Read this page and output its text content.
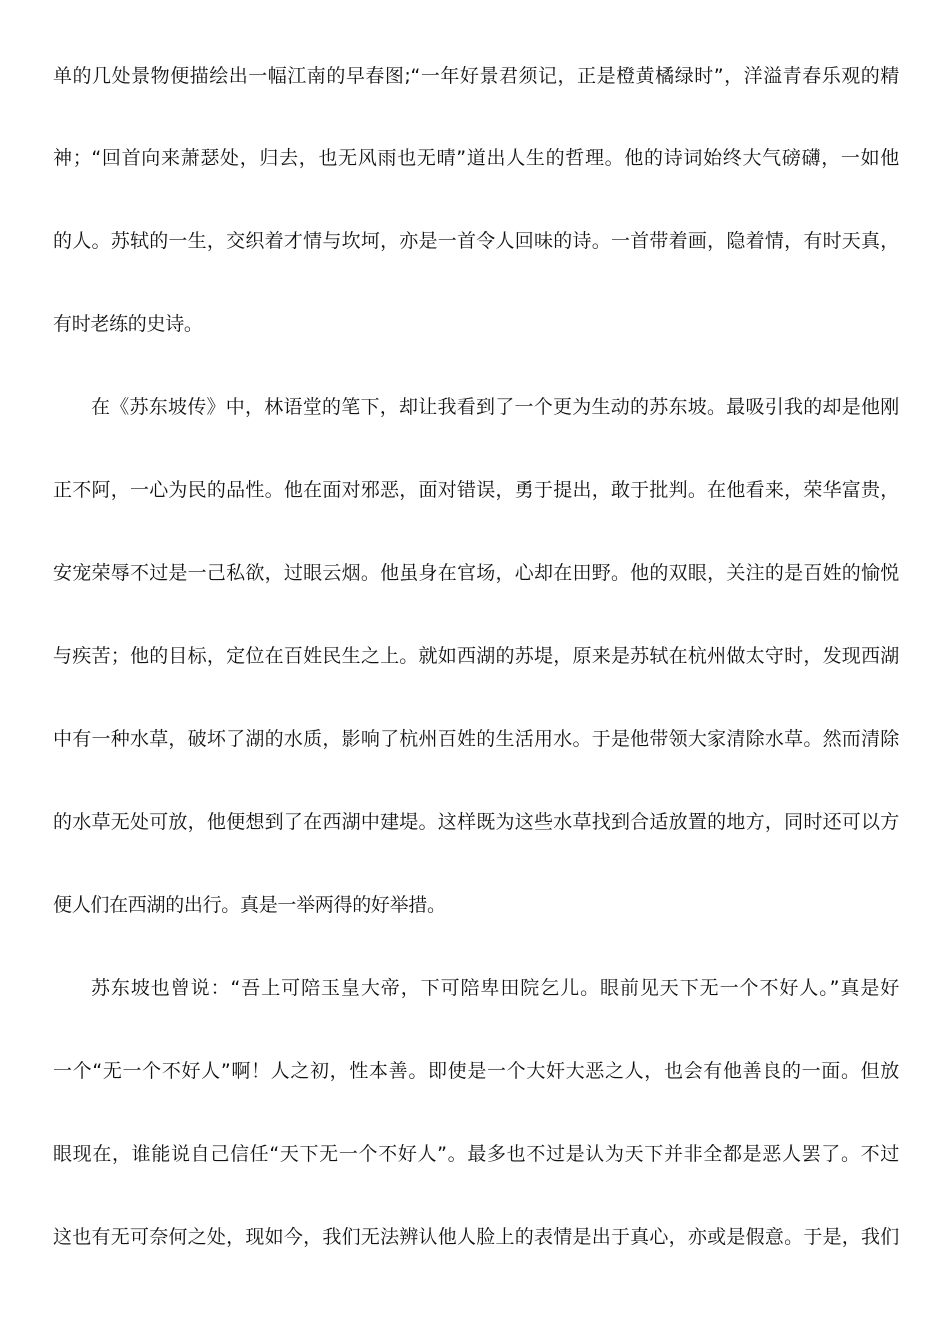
单的几处景物便描绘出一幅江南的早春图;“一年好景君须记，正是橙黄橘绿时”，洋溢青春乐观的精
神；“回首向来萧瑟处，归去，也无风雨也无晴”道出人生的哲理。他的诗词始终大气磅礴，一如他
的人。苏轼的一生，交织着才情与坎坷，亦是一首令人回味的诗。一首带着画，隐着情，有时天真，
有时老练的史诗。
在《苏东坡传》中，林语堂的笔下，却让我看到了一个更为生动的苏东坡。最吸引我的却是他刚
正不阿，一心为民的品性。他在面对邪恶，面对错误，勇于提出，敢于批判。在他看来，荣华富贵，
安宠荣辱不过是一己私欲，过眼云烟。他虽身在官场，心却在田野。他的双眼，关注的是百姓的愉悦
与疾苦；他的目标，定位在百姓民生之上。就如西湖的苏堤，原来是苏轼在杭州做太守时，发现西湖
中有一种水草，破坏了湖的水质，影响了杭州百姓的生活用水。于是他带领大家清除水草。然而清除
的水草无处可放，他便想到了在西湖中建堤。这样既为这些水草找到合适放置的地方，同时还可以方
便人们在西湖的出行。真是一举两得的好举措。
苏东坡也曾说：“吾上可陪玉皇大帝，下可陪卑田院乞儿。眼前见天下无一个不好人。”真是好
一个“无一个不好人”啊！人之初，性本善。即使是一个大奸大恶之人，也会有他善良的一面。但放
眼现在，谁能说自己信任“天下无一个不好人”。最多也不过是认为天下并非全都是恶人罢了。不过
这也有无可奈何之处，现如今，我们无法辨认他人脸上的表情是出于真心，亦或是假意。于是，我们
